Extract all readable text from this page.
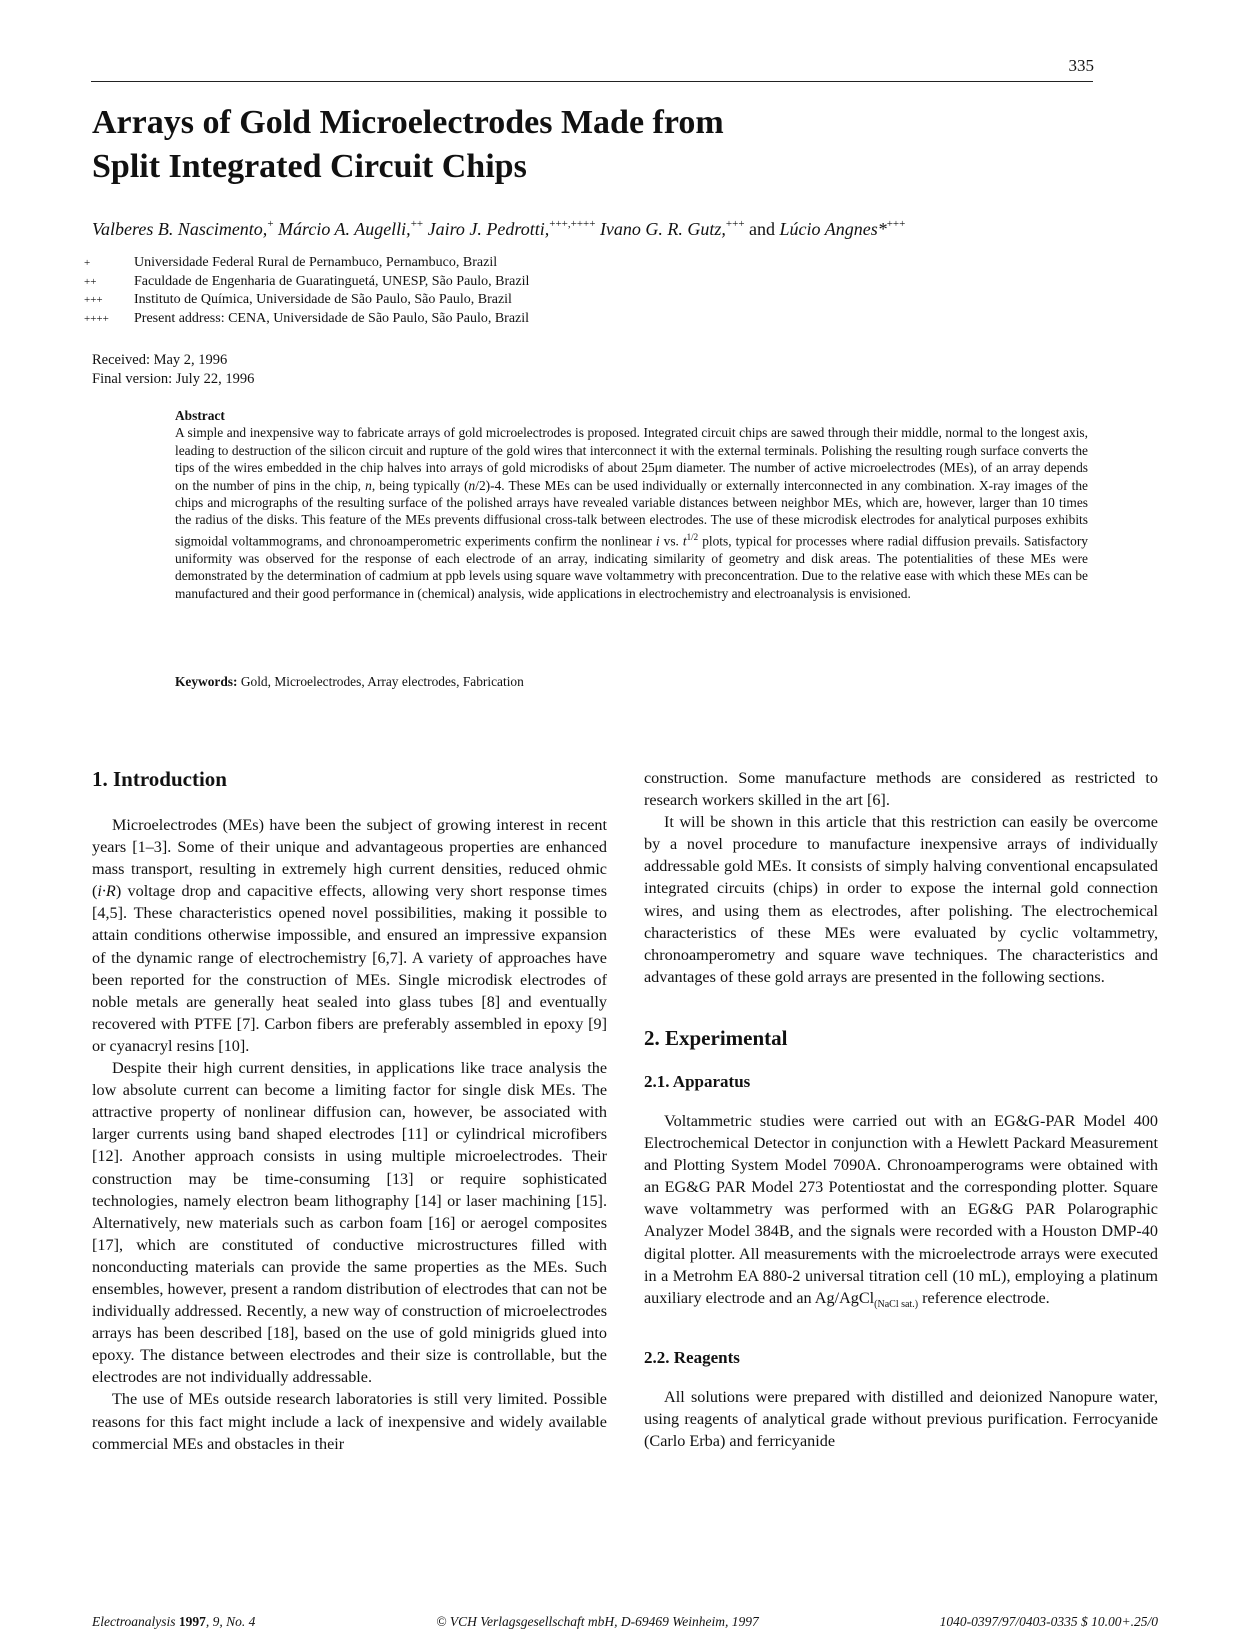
335
Arrays of Gold Microelectrodes Made from
Split Integrated Circuit Chips
Valberes B. Nascimento,+ Márcio A. Augelli,++ Jairo J. Pedrotti,+++,++++ Ivano G. R. Gutz,+++ and Lúcio Angnes*+++
+	Universidade Federal Rural de Pernambuco, Pernambuco, Brazil
++	Faculdade de Engenharia de Guaratinguetá, UNESP, São Paulo, Brazil
+++	Instituto de Química, Universidade de São Paulo, São Paulo, Brazil
++++	Present address: CENA, Universidade de São Paulo, São Paulo, Brazil
Received: May 2, 1996
Final version: July 22, 1996
Abstract
A simple and inexpensive way to fabricate arrays of gold microelectrodes is proposed. Integrated circuit chips are sawed through their middle, normal to the longest axis, leading to destruction of the silicon circuit and rupture of the gold wires that interconnect it with the external terminals. Polishing the resulting rough surface converts the tips of the wires embedded in the chip halves into arrays of gold microdisks of about 25μm diameter. The number of active microelectrodes (MEs), of an array depends on the number of pins in the chip, n, being typically (n/2)-4. These MEs can be used individually or externally interconnected in any combination. X-ray images of the chips and micrographs of the resulting surface of the polished arrays have revealed variable distances between neighbor MEs, which are, however, larger than 10 times the radius of the disks. This feature of the MEs prevents diffusional cross-talk between electrodes. The use of these microdisk electrodes for analytical purposes exhibits sigmoidal voltammograms, and chronoamperometric experiments confirm the nonlinear i vs. $t^{1/2}$ plots, typical for processes where radial diffusion prevails. Satisfactory uniformity was observed for the response of each electrode of an array, indicating similarity of geometry and disk areas. The potentialities of these MEs were demonstrated by the determination of cadmium at ppb levels using square wave voltammetry with preconcentration. Due to the relative ease with which these MEs can be manufactured and their good performance in (chemical) analysis, wide applications in electrochemistry and electroanalysis is envisioned.
Keywords: Gold, Microelectrodes, Array electrodes, Fabrication
1. Introduction

Microelectrodes (MEs) have been the subject of growing interest in recent years [1–3]. Some of their unique and advantageous properties are enhanced mass transport, resulting in extremely high current densities, reduced ohmic (i·R) voltage drop and capacitive effects, allowing very short response times [4,5]. These characteristics opened novel possibilities, making it possible to attain conditions otherwise impossible, and ensured an impressive expansion of the dynamic range of electrochemistry [6,7]. A variety of approaches have been reported for the construction of MEs. Single microdisk electrodes of noble metals are generally heat sealed into glass tubes [8] and eventually recovered with PTFE [7]. Carbon fibers are preferably assembled in epoxy [9] or cyanacryl resins [10].

Despite their high current densities, in applications like trace analysis the low absolute current can become a limiting factor for single disk MEs. The attractive property of nonlinear diffusion can, however, be associated with larger currents using band shaped electrodes [11] or cylindrical microfibers [12]. Another approach consists in using multiple microelectrodes. Their construction may be time-consuming [13] or require sophisticated technologies, namely electron beam lithography [14] or laser machining [15]. Alternatively, new materials such as carbon foam [16] or aerogel composites [17], which are constituted of conductive microstructures filled with nonconducting materials can provide the same properties as the MEs. Such ensembles, however, present a random distribution of electrodes that can not be individually addressed. Recently, a new way of construction of microelectrodes arrays has been described [18], based on the use of gold minigrids glued into epoxy. The distance between electrodes and their size is controllable, but the electrodes are not individually addressable.

The use of MEs outside research laboratories is still very limited. Possible reasons for this fact might include a lack of inexpensive and widely available commercial MEs and obstacles in their

construction. Some manufacture methods are considered as restricted to research workers skilled in the art [6].

It will be shown in this article that this restriction can easily be overcome by a novel procedure to manufacture inexpensive arrays of individually addressable gold MEs. It consists of simply halving conventional encapsulated integrated circuits (chips) in order to expose the internal gold connection wires, and using them as electrodes, after polishing. The electrochemical characteristics of these MEs were evaluated by cyclic voltammetry, chronoamperometry and square wave techniques. The characteristics and advantages of these gold arrays are presented in the following sections.

2. Experimental
2.1. Apparatus

Voltammetric studies were carried out with an EG&G-PAR Model 400 Electrochemical Detector in conjunction with a Hewlett Packard Measurement and Plotting System Model 7090A. Chronoamperograms were obtained with an EG&G PAR Model 273 Potentiostat and the corresponding plotter. Square wave voltammetry was performed with an EG&G PAR Polarographic Analyzer Model 384B, and the signals were recorded with a Houston DMP-40 digital plotter. All measurements with the microelectrode arrays were executed in a Metrohm EA 880-2 universal titration cell (10 mL), employing a platinum auxiliary electrode and an Ag/AgCl$_{(NaCl sat.)}$ reference electrode.

2.2. Reagents

All solutions were prepared with distilled and deionized Nanopure water, using reagents of analytical grade without previous purification. Ferrocyanide (Carlo Erba) and ferricyanide

Electroanalysis 1997, 9, No. 4	© VCH Verlagsgesellschaft mbH, D-69469 Weinheim, 1997	1040-0397/97/0403-0335 $ 10.00+.25/0
